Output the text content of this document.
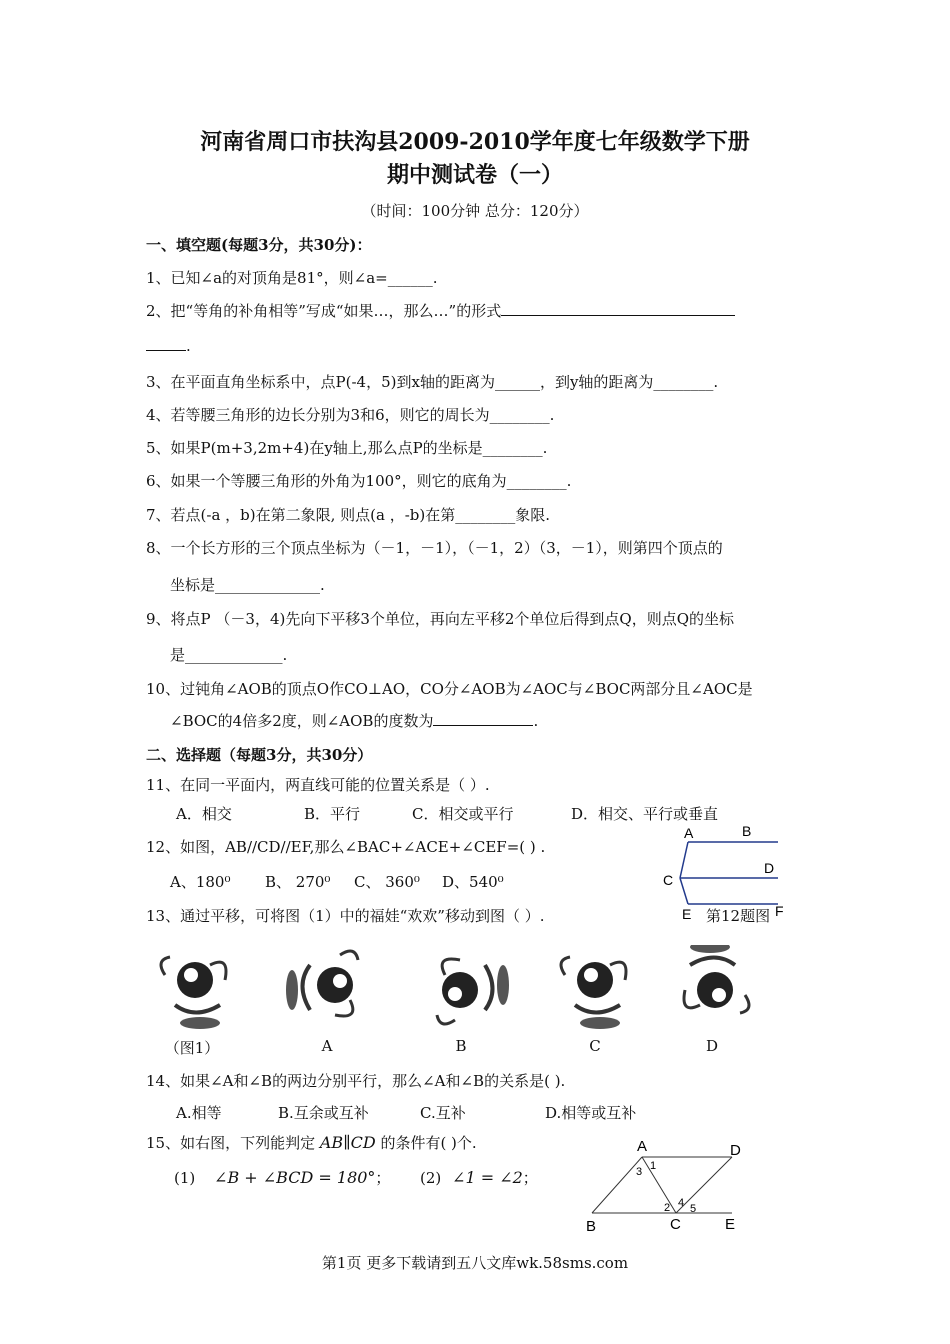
河南省周口市扶沟县2009-2010学年度七年级数学下册
期中测试卷（一）
（时间：100分钟 总分：120分）
一、填空题(每题3分，共30分)：
1、已知∠a的对顶角是81°，则∠a=______.
2、把“等角的补角相等”写成“如果…，那么…”的形式
.
3、在平面直角坐标系中，点P(-4，5)到x轴的距离为______，到y轴的距离为________.
4、若等腰三角形的边长分别为3和6，则它的周长为________.
5、如果P(m+3,2m+4)在y轴上,那么点P的坐标是________.
6、如果一个等腰三角形的外角为100°，则它的底角为________.
7、若点(-a ，b)在第二象限, 则点(a ，-b)在第________象限.
8、一个长方形的三个顶点坐标为（－1，－1），（－1，2）（3，－1），则第四个顶点的
坐标是______________.
9、将点P （－3，4)先向下平移3个单位，再向左平移2个单位后得到点Q，则点Q的坐标
是_____________.
10、过钝角∠AOB的顶点O作CO⊥AO，CO分∠AOB为∠AOC与∠BOC两部分且∠AOC是
∠BOC的4倍多2度，则∠AOB的度数为	.
二、选择题（每题3分，共30分）
11、在同一平面内，两直线可能的位置关系是（ ）.
A．相交	B．平行	C．相交或平行	D．相交、平行或垂直
12、如图，AB//CD//EF,那么∠BAC+∠ACE+∠CEF=( ) .
A、180⁰ B、 270⁰ C、 360⁰ D、540⁰
A	B
C
D
E	F
第12题图
13、通过平移，可将图（1）中的福娃“欢欢”移动到图（ ）.
（图1）	A	B	C	D
14、如果∠A和∠B的两边分别平行，那么∠A和∠B的关系是( ).
A.相等	B.互余或互补	C.互补	D.相等或互补
15、如右图，下列能判定 AB∥CD 的条件有( )个.
(1) ∠B + ∠BCD = 180°； (2) ∠1 = ∠2；
A	D
B	C	E
1
2
3
4 5
第1页 更多下载请到五八文库wk.58sms.com
